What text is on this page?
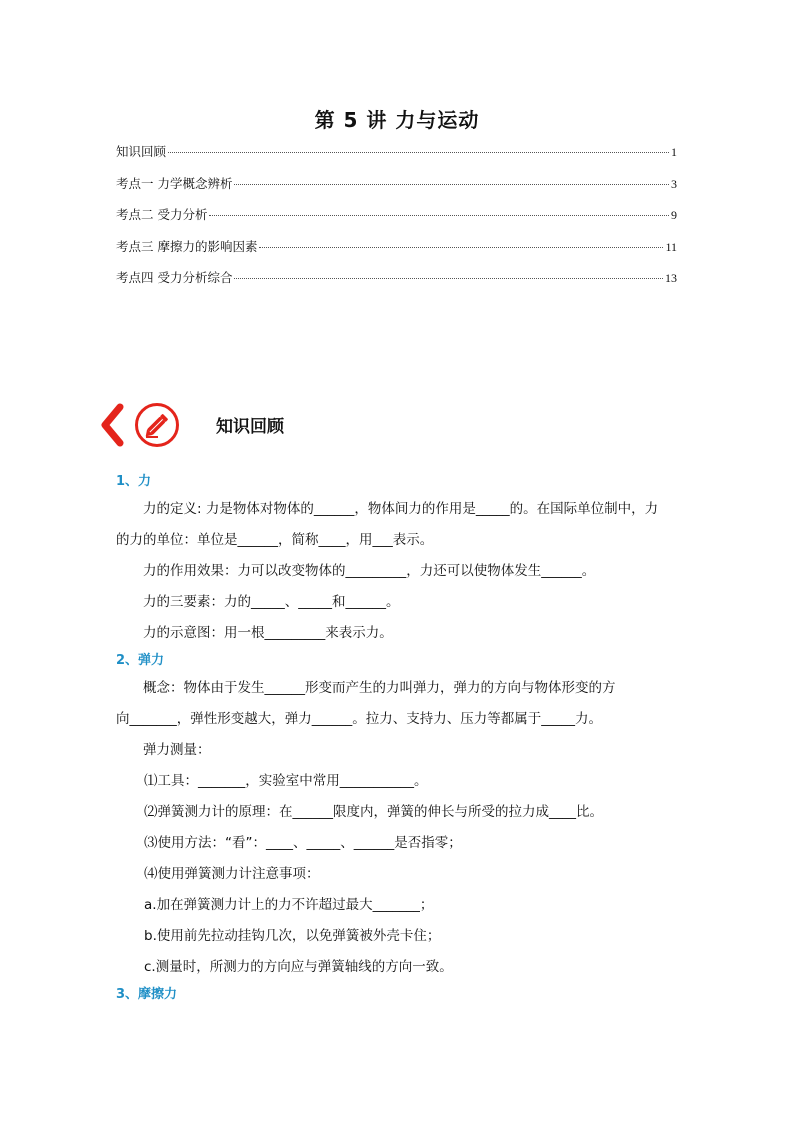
第 5 讲 力与运动
知识回顾	1
考点一 力学概念辨析	3
考点二 受力分析	9
考点三 摩擦力的影响因素	11
考点四 受力分析综合	13
知识回顾
1、力
力的定义: 力是物体对物体的______，物体间力的作用是_____的。在国际单位制中，力
的力的单位：单位是______，简称____，用___表示。
力的作用效果：力可以改变物体的_________，力还可以使物体发生______。
力的三要素：力的_____、_____和______。
力的示意图：用一根_________来表示力。
2、弹力
概念：物体由于发生______形变而产生的力叫弹力，弹力的方向与物体形变的方
向_______，弹性形变越大，弹力______。拉力、支持力、压力等都属于_____力。
弹力测量：
⑴工具：_______，实验室中常用___________。
⑵弹簧测力计的原理：在______限度内，弹簧的伸长与所受的拉力成____比。
⑶使用方法：“看”：____、_____、______是否指零；
⑷使用弹簧测力计注意事项：
a.加在弹簧测力计上的力不许超过最大_______；
b.使用前先拉动挂钩几次，以免弹簧被外壳卡住；
c.测量时，所测力的方向应与弹簧轴线的方向一致。
3、摩擦力
